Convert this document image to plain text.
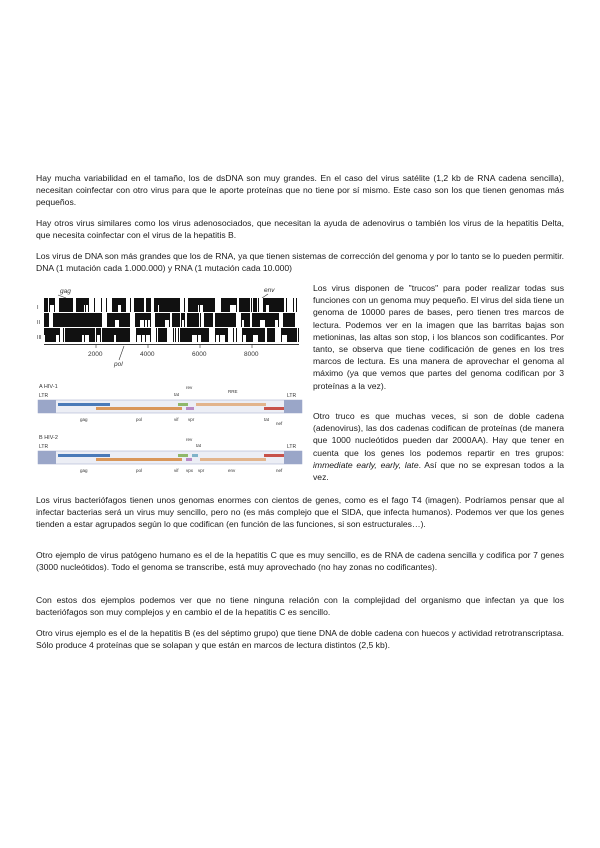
Hay mucha variabilidad en el tamaño, los de dsDNA son muy grandes. En el caso del virus satélite (1,2 kb de RNA cadena sencilla), necesitan coinfectar con otro virus para que le aporte proteínas que no tiene por sí mismo. Este caso son los que tienen genomas más pequeños.

Hay otros virus similares como los virus adenosociados, que necesitan la ayuda de adenovirus o también los virus de la hepatitis Delta, que necesita coinfectar con el virus de la hepatitis B.

Los virus de DNA son más grandes que los de RNA, ya que tienen sistemas de corrección del genoma y por lo tanto se lo pueden permitir. DNA (1 mutación cada 1.000.000) y RNA (1 mutación cada 10.000)

gag	env
I
II
III
2000	4000	6000	8000
pol
A HIV-1
LTR	LTR
rev
tat
RRE
gag	pol	vif vpr	tat
nef
B HIV-2
LTR	LTR
rev
tat
gag	pol	vif vpx vpr	env	nef

Los virus disponen de "trucos" para poder realizar todas sus funciones con un genoma muy pequeño. El virus del sida tiene un genoma de 10000 pares de bases, pero tienen tres marcos de lectura. Podemos ver en la imagen que las barritas bajas son metioninas, las altas son stop, i los blancos son codificantes. Por tanto, se observa que tiene codificación de genes en los tres marcos de lectura. Es una manera de aprovechar el genoma al máximo (ya que vemos que partes del genoma codifican por 3 proteínas a la vez).

Otro truco es que muchas veces, si son de doble cadena (adenovirus), las dos cadenas codifican de proteínas (de manera que 1000 nucleótidos pueden dar 2000AA). Hay que tener en cuenta que los genes los podemos repartir en tres grupos: immediate early, early, late. Así que no se expresan todos a la vez.

Los virus bacteriófagos tienen unos genomas enormes con cientos de genes, como es el fago T4 (imagen). Podríamos pensar que al infectar bacterias será un virus muy sencillo, pero no (es más complejo que el SIDA, que infecta humanos). Podemos ver que los genes tienden a estar agrupados según lo que codifican (en función de las funciones, si son estructurales…).

Otro ejemplo de virus patógeno humano es el de la hepatitis C que es muy sencillo, es de RNA de cadena sencilla y codifica por 7 genes (3000 nucleótidos). Todo el genoma se transcribe, está muy aprovechado (no hay zonas no codificantes).

Con estos dos ejemplos podemos ver que no tiene ninguna relación con la complejidad del organismo que infectan ya que los bacteriófagos son muy complejos y en cambio el de la hepatitis C es sencillo.

Otro virus ejemplo es el de la hepatitis B (es del séptimo grupo) que tiene DNA de doble cadena con huecos y actividad retrotranscriptasa. Sólo produce 4 proteínas que se solapan y que están en marcos de lectura distintos (2,5 kb).
